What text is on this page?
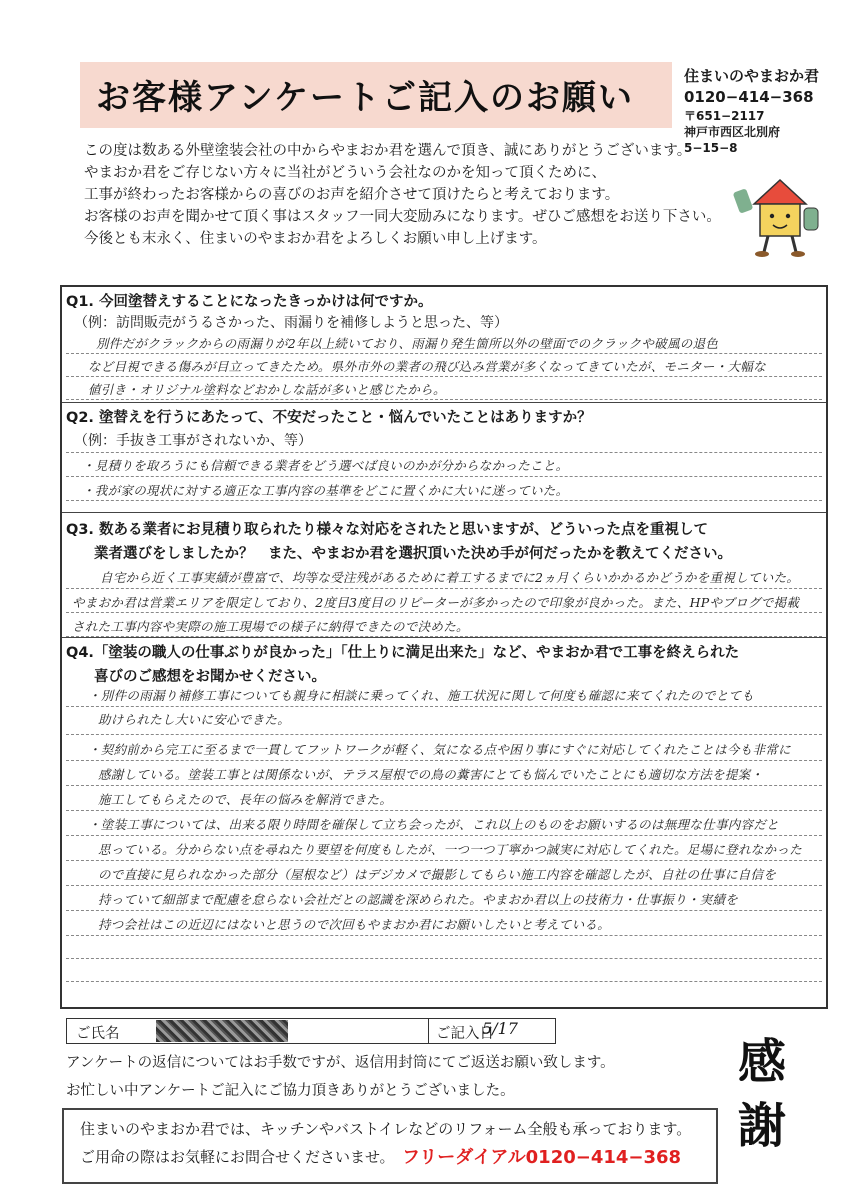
お客様アンケートご記入のお願い
住まいのやまおか君
0120−414−368
〒651−2117
神戸市西区北別府
5−15−8
この度は数ある外壁塗装会社の中からやまおか君を選んで頂き、誠にありがとうございます。
やまおか君をご存じない方々に当社がどういう会社なのかを知って頂くために、
工事が終わったお客様からの喜びのお声を紹介させて頂けたらと考えております。
お客様のお声を聞かせて頂く事はスタッフ一同大変励みになります。ぜひご感想をお送り下さい。
今後とも末永く、住まいのやまおか君をよろしくお願い申し上げます。
Q1. 今回塗替えすることになったきっかけは何ですか。
（例：訪問販売がうるさかった、雨漏りを補修しようと思った、等）
別件だがクラックからの雨漏りが2年以上続いており、雨漏り発生箇所以外の壁面でのクラックや破風の退色
など目視できる傷みが目立ってきたため。県外市外の業者の飛び込み営業が多くなってきていたが、モニター・大幅な
値引き・オリジナル塗料などおかしな話が多いと感じたから。
Q2. 塗替えを行うにあたって、不安だったこと・悩んでいたことはありますか？
（例：手抜き工事がされないか、等）
・見積りを取ろうにも信頼できる業者をどう選べば良いのかが分からなかったこと。
・我が家の現状に対する適正な工事内容の基準をどこに置くかに大いに迷っていた。
Q3. 数ある業者にお見積り取られたり様々な対応をされたと思いますが、どういった点を重視して
業者選びをしましたか？　また、やまおか君を選択頂いた決め手が何だったかを教えてください。
自宅から近く工事実績が豊富で、均等な受注残があるために着工するまでに2ヵ月くらいかかるかどうかを重視していた。
やまおか君は営業エリアを限定しており、2度目3度目のリピーターが多かったので印象が良かった。また、HPやブログで掲載
された工事内容や実際の施工現場での様子に納得できたので決めた。
Q4.「塗装の職人の仕事ぶりが良かった」「仕上りに満足出来た」など、やまおか君で工事を終えられた
喜びのご感想をお聞かせください。
・別件の雨漏り補修工事についても親身に相談に乗ってくれ、施工状況に関して何度も確認に来てくれたのでとても
助けられたし大いに安心できた。
・契約前から完工に至るまで一貫してフットワークが軽く、気になる点や困り事にすぐに対応してくれたことは今も非常に
感謝している。塗装工事とは関係ないが、テラス屋根での鳥の糞害にとても悩んでいたことにも適切な方法を提案・
施工してもらえたので、長年の悩みを解消できた。
・塗装工事については、出来る限り時間を確保して立ち会ったが、これ以上のものをお願いするのは無理な仕事内容だと
思っている。分からない点を尋ねたり要望を何度もしたが、一つ一つ丁寧かつ誠実に対応してくれた。足場に登れなかった
ので直接に見られなかった部分（屋根など）はデジカメで撮影してもらい施工内容を確認したが、自社の仕事に自信を
持っていて細部まで配慮を怠らない会社だとの認識を深められた。やまおか君以上の技術力・仕事振り・実績を
持つ会社はこの近辺にはないと思うので次回もやまおか君にお願いしたいと考えている。
ご氏名	ご記入日
5/17
アンケートの返信についてはお手数ですが、返信用封筒にてご返送お願い致します。
お忙しい中アンケートご記入にご協力頂きありがとうございました。
住まいのやまおか君では、キッチンやバストイレなどのリフォーム全般も承っております。
ご用命の際はお気軽にお問合せくださいませ。 フリーダイアル0120−414−368
感謝
